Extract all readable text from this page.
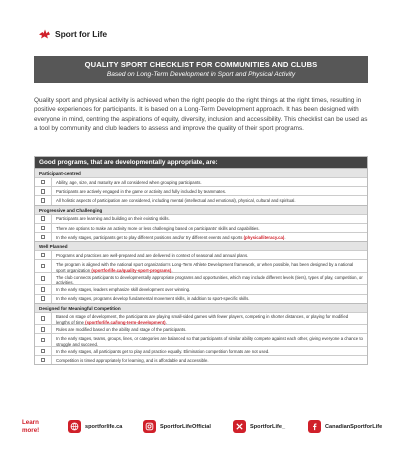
Sport for Life
QUALITY SPORT CHECKLIST FOR COMMUNITIES AND CLUBS
Based on Long-Term Development in Sport and Physical Activity

Quality sport and physical activity is achieved when the right people do the right things at the right times, resulting in positive experiences for participants. It is based on a Long-Term Development approach. It has been designed with everyone in mind, centring the aspirations of equity, diversity, inclusion and accessibility. This checklist can be used as a tool by community and club leaders to assess and improve the quality of their sport programs.

Good programs, that are developmentally appropriate, are:
Participant-centred
Ability, age, size, and maturity are all considered when grouping participants.
Participants are actively engaged in the game or activity and fully included by teammates.
All holistic aspects of participation are considered, including mental (intellectual and emotional), physical, cultural and spiritual.
Progressive and Challenging
Participants are learning and building on their existing skills.
There are options to make an activity more or less challenging based on participants' skills and capabilities.
In the early stages, participants get to play different positions and/or try different events and sports (physicalliteracy.ca).
Well Planned
Programs and practices are well-prepared and are delivered in context of seasonal and annual plans.
The program is aligned with the national sport organization's Long-Term Athlete Development framework, or when possible, has been designed by a national sport organization (sportforlife.ca/quality-sport-programs).
The club connects participants to developmentally appropriate programs and opportunities, which may include different levels (tiers), types of play, competition, or activities.
In the early stages, leaders emphasize skill development over winning.
In the early stages, programs develop fundamental movement skills, in addition to sport-specific skills.
Designed for Meaningful Competition
Based on stage of development, the participants are playing small-sided games with fewer players, competing in shorter distances, or playing for modified lengths of time (sportforlife.ca/long-term-development).
Rules are modified based on the ability and stage of the participants.
In the early stages, teams, groups, lines, or categories are balanced so that participants of similar ability compete against each other, giving everyone a chance to struggle and succeed.
In the early stages, all participants get to play and practice equally. Elimination competition formats are not used.
Competition is timed appropriately for learning, and is affordable and accessible.
Learn more!
sportforlife.ca	SportforLifeOfficial	SportforLife_	CanadianSportforLife
